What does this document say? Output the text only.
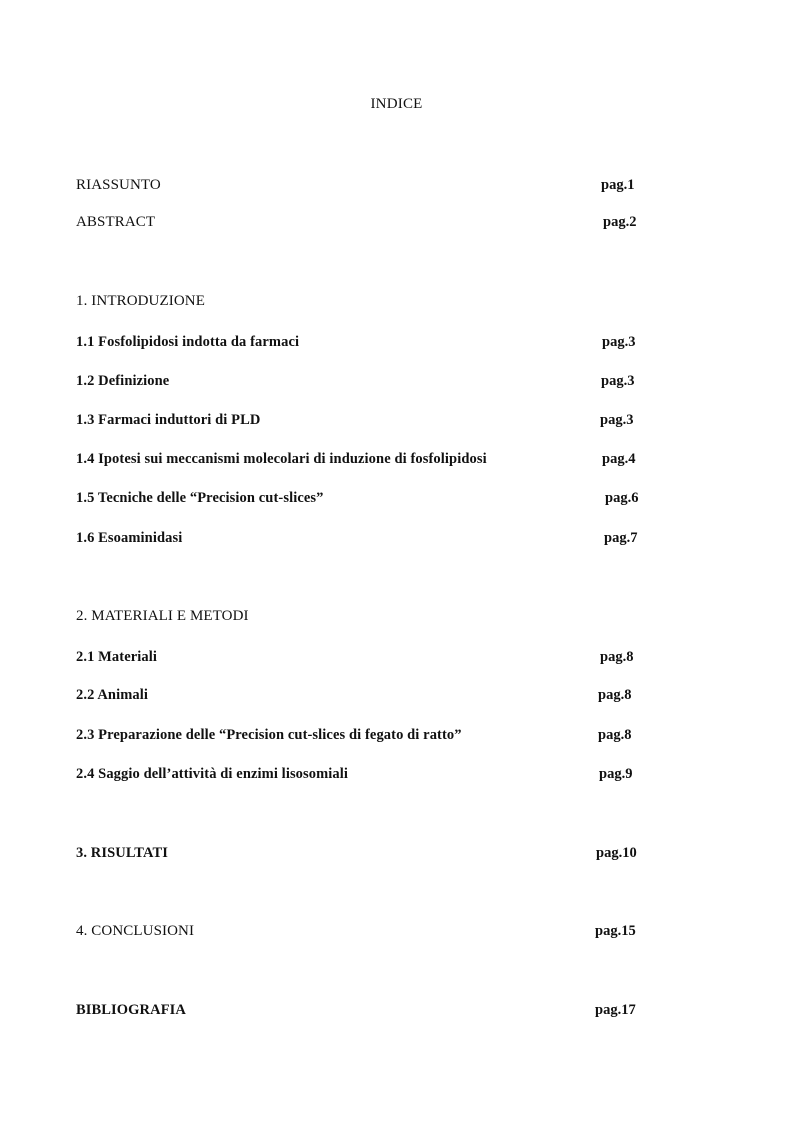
INDICE
RIASSUNTO	pag.1
ABSTRACT	pag.2
1. INTRODUZIONE
1.1 Fosfolipidosi indotta da farmaci	pag.3
1.2 Definizione	pag.3
1.3 Farmaci induttori di PLD	pag.3
1.4 Ipotesi sui meccanismi molecolari di induzione di fosfolipidosi	pag.4
1.5 Tecniche delle “Precision cut-slices”	pag.6
1.6 Esoaminidasi	pag.7
2. MATERIALI E METODI
2.1 Materiali	pag.8
2.2 Animali	pag.8
2.3 Preparazione delle “Precision cut-slices di fegato di ratto”	pag.8
2.4 Saggio dell’attività di enzimi lisosomiali	pag.9
3. RISULTATI	pag.10
4. CONCLUSIONI	pag.15
BIBLIOGRAFIA	pag.17
